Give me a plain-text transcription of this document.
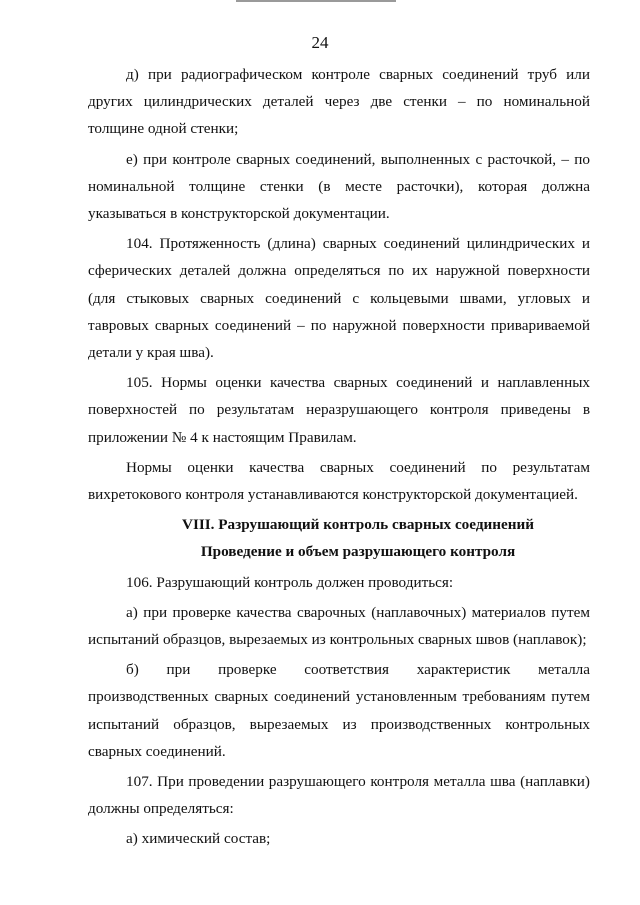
24

д) при радиографическом контроле сварных соединений труб или других цилиндрических деталей через две стенки – по номинальной толщине одной стенки;

е) при контроле сварных соединений, выполненных с расточкой, – по номинальной толщине стенки (в месте расточки), которая должна указываться в конструкторской документации.

104. Протяженность (длина) сварных соединений цилиндрических и сферических деталей должна определяться по их наружной поверхности (для стыковых сварных соединений с кольцевыми швами, угловых и тавровых сварных соединений – по наружной поверхности привариваемой детали у края шва).

105. Нормы оценки качества сварных соединений и наплавленных поверхностей по результатам неразрушающего контроля приведены в приложении № 4 к настоящим Правилам.

Нормы оценки качества сварных соединений по результатам вихретокового контроля устанавливаются конструкторской документацией.

VIII. Разрушающий контроль сварных соединений
Проведение и объем разрушающего контроля

106. Разрушающий контроль должен проводиться:

а) при проверке качества сварочных (наплавочных) материалов путем испытаний образцов, вырезаемых из контрольных сварных швов (наплавок);

б) при проверке соответствия характеристик металла производственных сварных соединений установленным требованиям путем испытаний образцов, вырезаемых из производственных контрольных сварных соединений.

107. При проведении разрушающего контроля металла шва (наплавки) должны определяться:

а) химический состав;
